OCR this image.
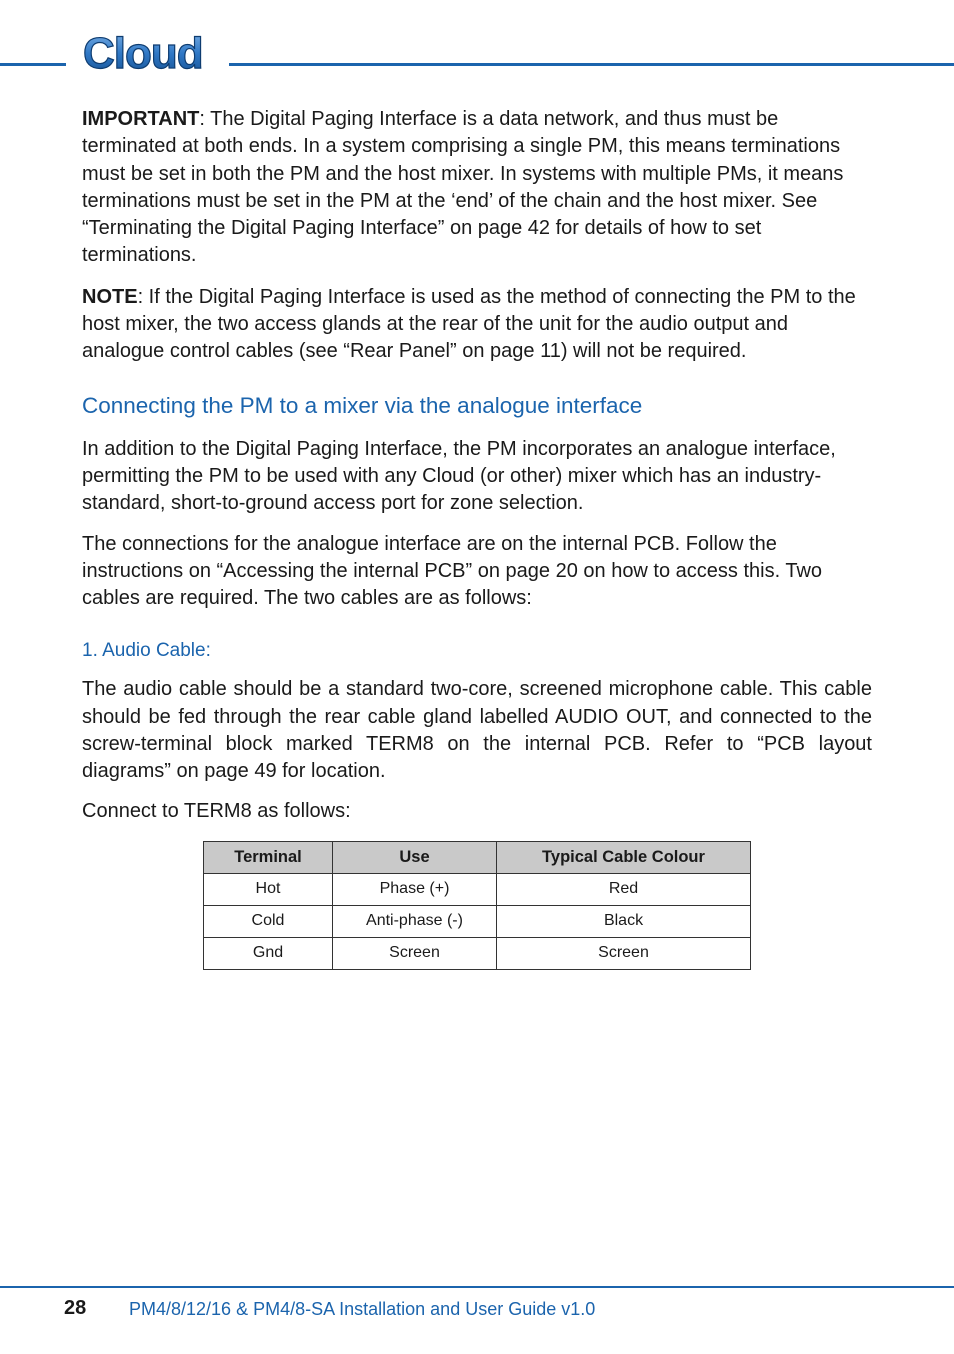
Cloud

IMPORTANT: The Digital Paging Interface is a data network, and thus must be terminated at both ends. In a system comprising a single PM, this means terminations must be set in both the PM and the host mixer. In systems with multiple PMs, it means terminations must be set in the PM at the ‘end’ of the chain and the host mixer. See “Terminating the Digital Paging Interface” on page 42 for details of how to set terminations.

NOTE: If the Digital Paging Interface is used as the method of connecting the PM to the host mixer, the two access glands at the rear of the unit for the audio output and analogue control cables (see “Rear Panel” on page 11) will not be required.

Connecting the PM to a mixer via the analogue interface

In addition to the Digital Paging Interface, the PM incorporates an analogue interface, permitting the PM to be used with any Cloud (or other) mixer which has an industry-standard, short-to-ground access port for zone selection.

The connections for the analogue interface are on the internal PCB. Follow the instructions on “Accessing the internal PCB” on page 20 on how to access this. Two cables are required. The two cables are as follows:

1. Audio Cable:

The audio cable should be a standard two-core, screened microphone cable. This cable should be fed through the rear cable gland labelled AUDIO OUT, and connected to the screw-terminal block marked TERM8 on the internal PCB. Refer to “PCB layout diagrams” on page 49 for location.

Connect to TERM8 as follows:

Terminal	Use	Typical Cable Colour
Hot	Phase (+)	Red
Cold	Anti-phase (-)	Black
Gnd	Screen	Screen
28 PM4/8/12/16 & PM4/8-SA Installation and User Guide v1.0
